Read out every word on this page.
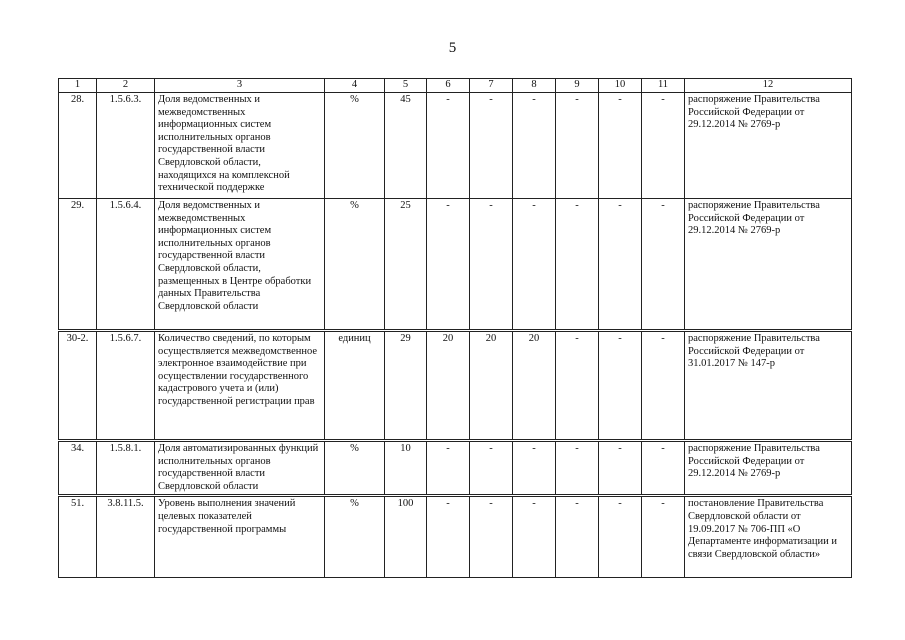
5
1	2	3	4	5	6	7	8	9	10	11	12
28.	1.5.6.3.	Доля ведомственных и межведомственных информационных систем исполнительных органов государственной власти Свердловской области, находящихся на комплексной технической поддержке	%	45	-	-	-	-	-	-	распоряжение Правительства Российской Федерации от 29.12.2014 № 2769-р
29.	1.5.6.4.	Доля ведомственных и межведомственных информационных систем исполнительных органов государственной власти Свердловской области, размещенных в Центре обработки данных Правительства Свердловской области	%	25	-	-	-	-	-	-	распоряжение Правительства Российской Федерации от 29.12.2014 № 2769-р
30-2.	1.5.6.7.	Количество сведений, по которым осуществляется межведомственное электронное взаимодействие при осуществлении государственного кадастрового учета и (или) государственной регистрации прав	единиц	29	20	20	20	-	-	-	распоряжение Правительства Российской Федерации от 31.01.2017 № 147-р
34.	1.5.8.1.	Доля автоматизированных функций исполнительных органов государственной власти Свердловской области	%	10	-	-	-	-	-	-	распоряжение Правительства Российской Федерации от 29.12.2014 № 2769-р
51.	3.8.11.5.	Уровень выполнения значений целевых показателей государственной программы	%	100	-	-	-	-	-	-	постановление Правительства Свердловской области от 19.09.2017 № 706-ПП «О Департаменте информатизации и связи Свердловской области»
